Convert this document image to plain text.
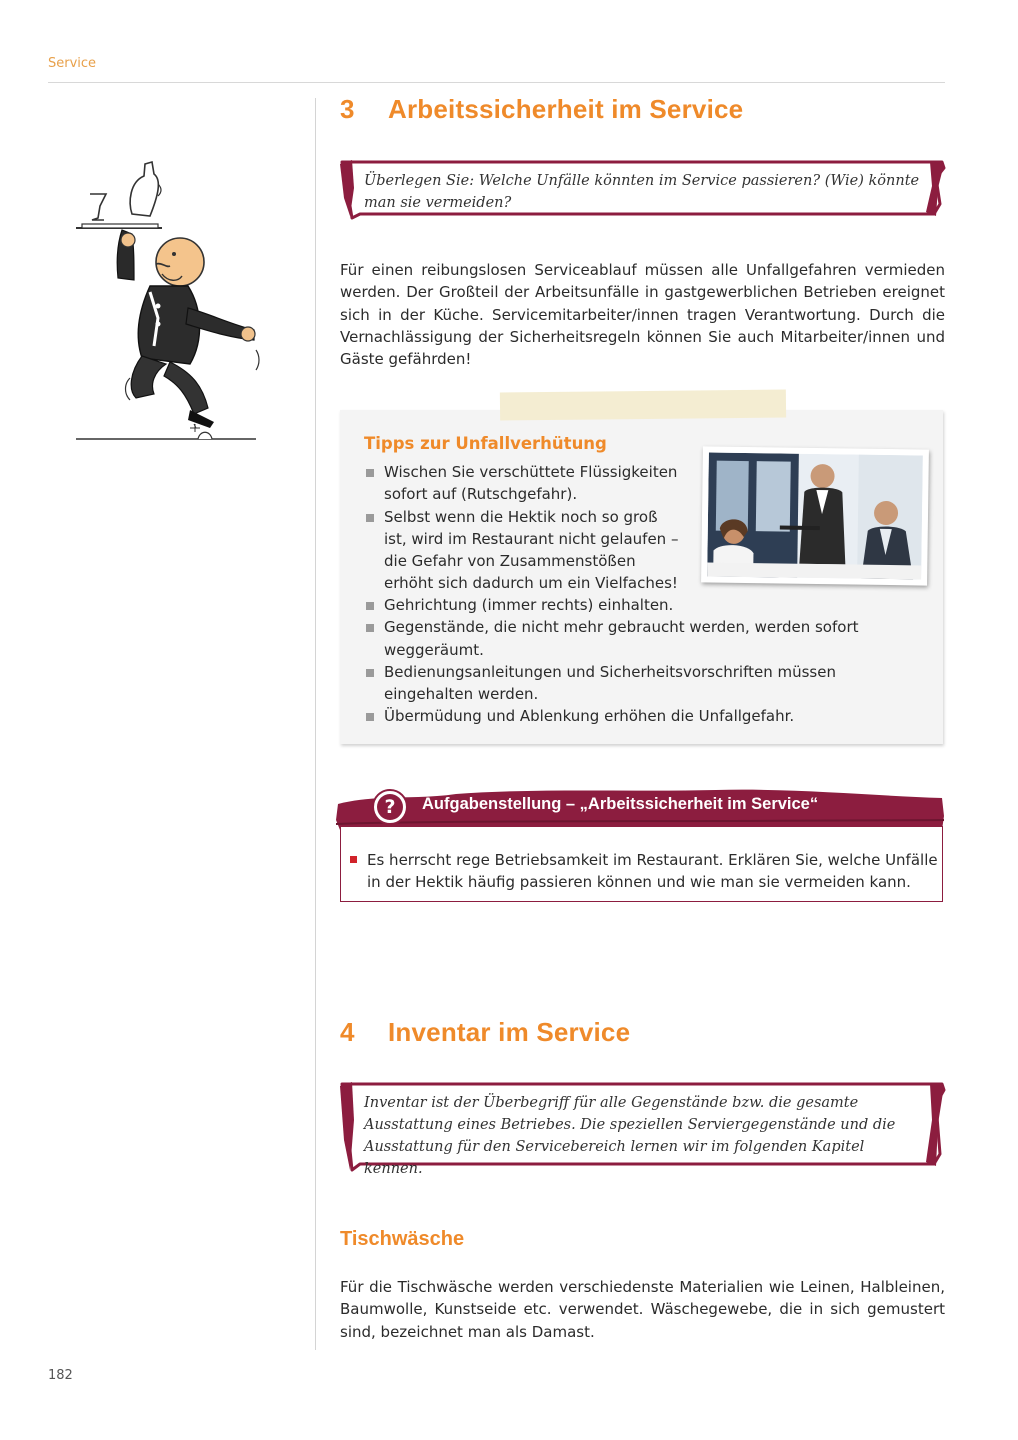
Service
182
3 Arbeitssicherheit im Service
Überlegen Sie: Welche Unfälle könnten im Service passieren? (Wie) könnte man sie vermeiden?
Für einen reibungslosen Serviceablauf müssen alle Unfallgefahren vermieden werden. Der Großteil der Arbeitsunfälle in gastgewerblichen Betrieben ereignet sich in der Küche. Servicemitarbeiter/innen tragen Verantwortung. Durch die Vernachlässigung der Sicherheitsregeln können Sie auch Mitarbeiter/innen und Gäste gefährden!
Tipps zur Unfallverhütung
Wischen Sie verschüttete Flüssigkeiten sofort auf (Rutschgefahr).
Selbst wenn die Hektik noch so groß ist, wird im Restaurant nicht gelaufen – die Gefahr von Zusammenstößen erhöht sich dadurch um ein Vielfaches!
Gehrichtung (immer rechts) einhalten.
Gegenstände, die nicht mehr gebraucht werden, werden sofort weggeräumt.
Bedienungsanleitungen und Sicherheitsvorschriften müssen eingehalten werden.
Übermüdung und Ablenkung erhöhen die Unfallgefahr.
?	Aufgabenstellung – „Arbeitssicherheit im Service“
Es herrscht rege Betriebsamkeit im Restaurant. Erklären Sie, welche Unfälle in der Hektik häufig passieren können und wie man sie vermeiden kann.
4 Inventar im Service
Inventar ist der Überbegriff für alle Gegenstände bzw. die gesamte Ausstattung eines Betriebes. Die speziellen Serviergegenstände und die Ausstattung für den Servicebereich lernen wir im folgenden Kapitel kennen.
Tischwäsche
Für die Tischwäsche werden verschiedenste Materialien wie Leinen, Halbleinen, Baumwolle, Kunstseide etc. verwendet. Wäschegewebe, die in sich gemustert sind, bezeichnet man als Damast.
